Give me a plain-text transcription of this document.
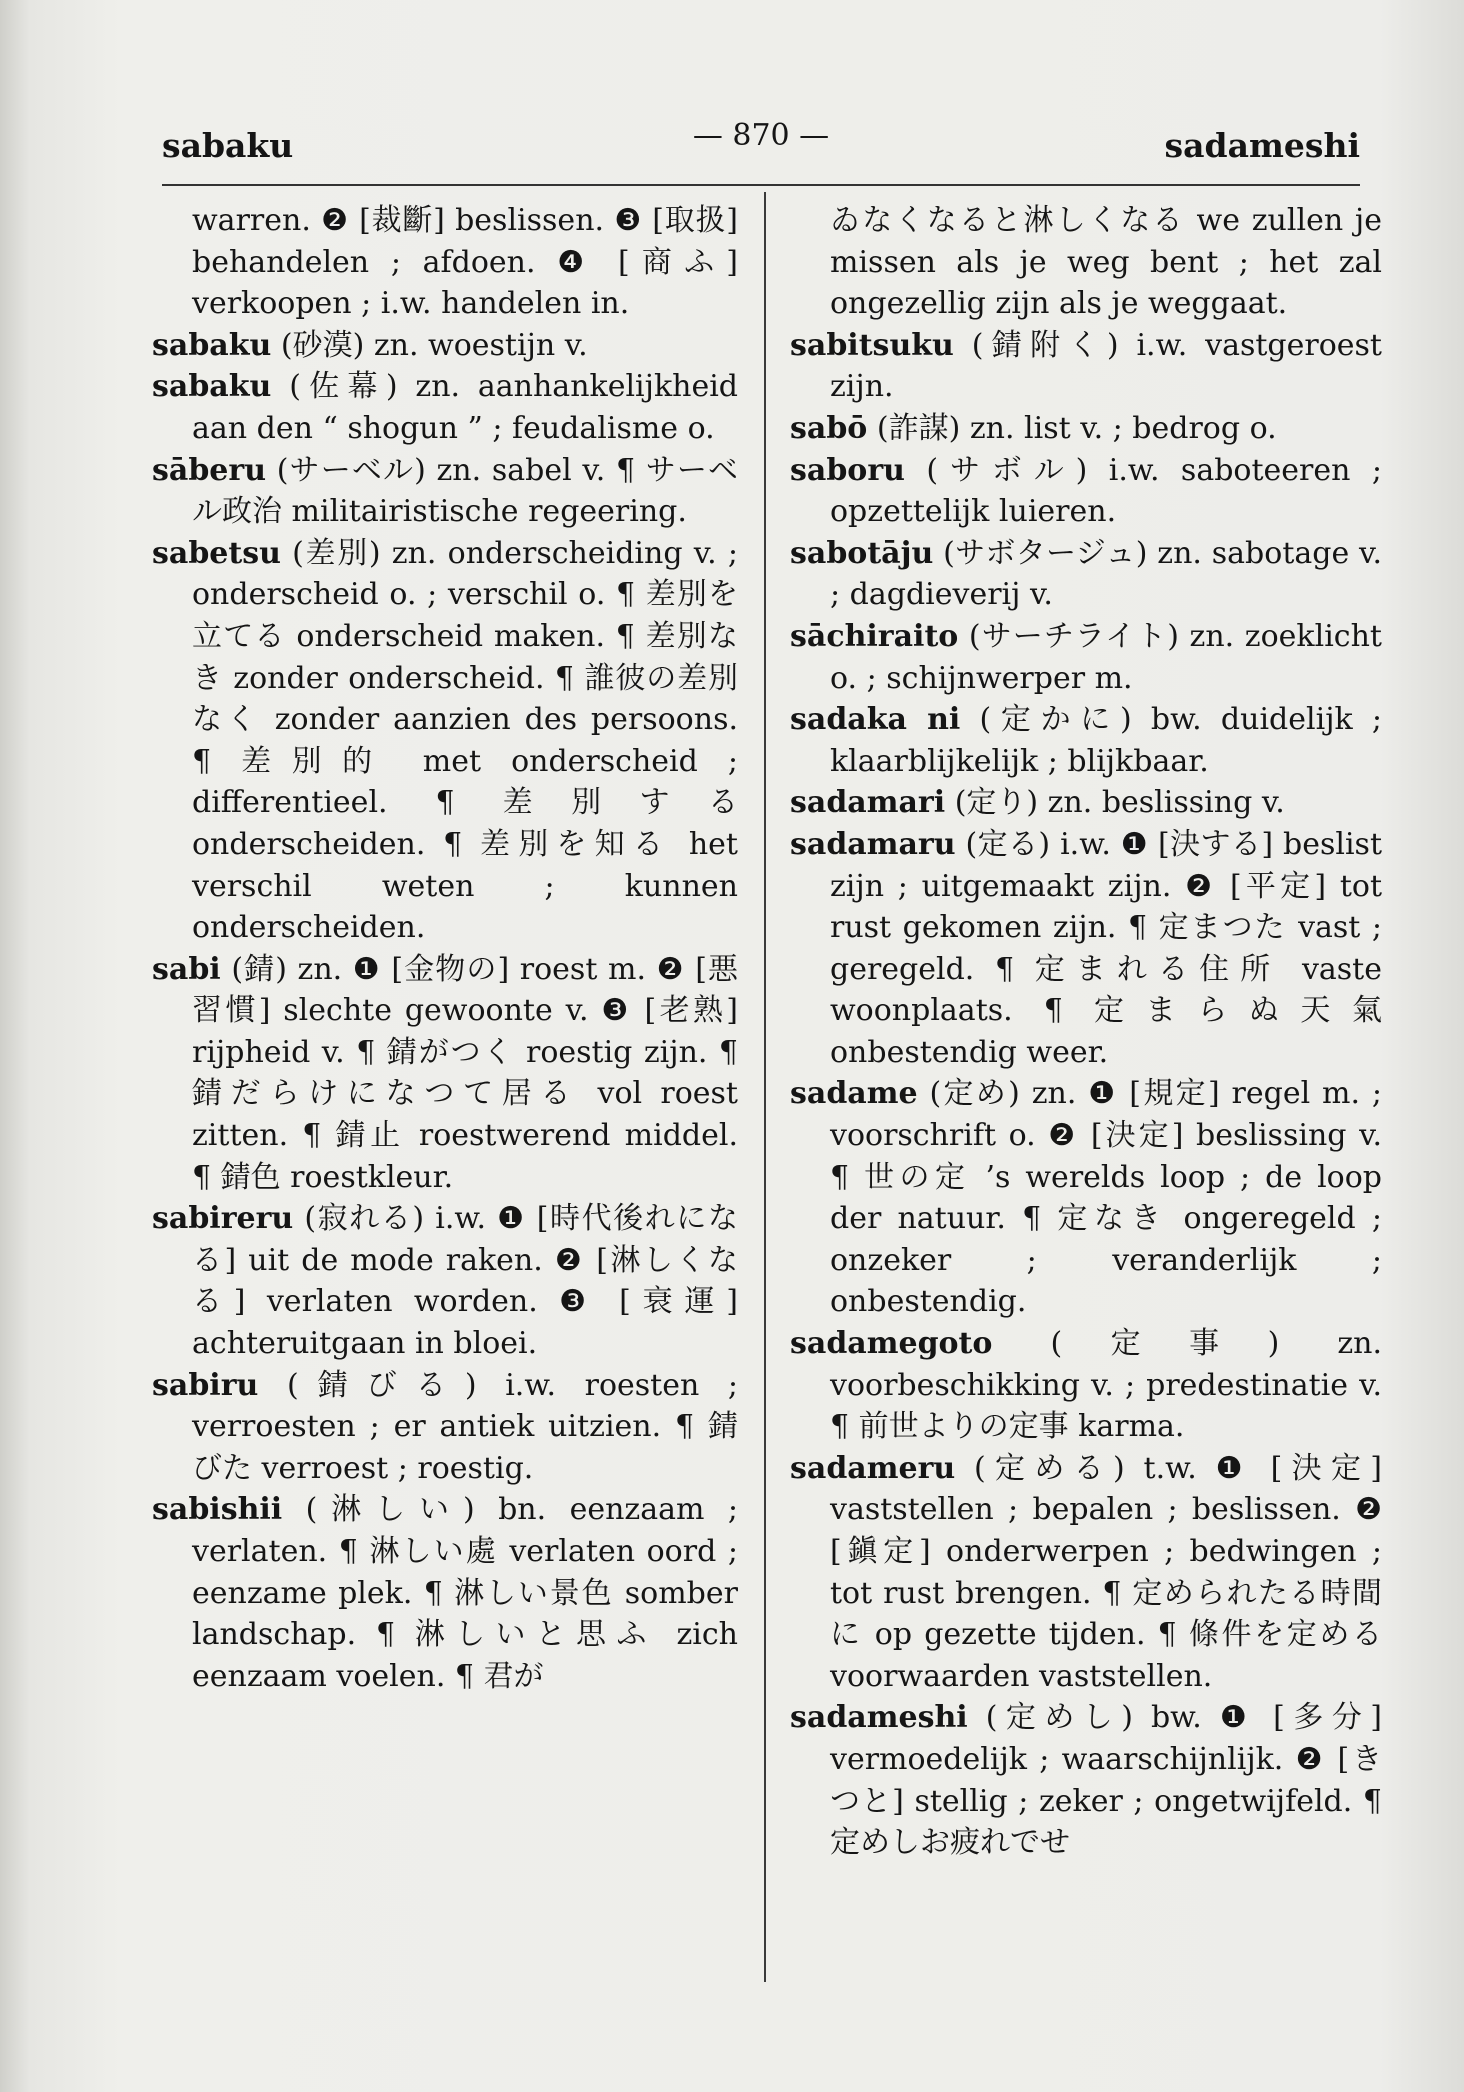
sabaku	— 870 —	sadameshi

warren. ❷ [裁斷] beslissen. ❸ [取扱] behandelen ; afdoen. ❹ [商ふ] verkoopen ; i.w. handelen in.

sabaku (砂漠) zn. woestijn v.

sabaku (佐幕) zn. aanhankelijkheid aan den “ shogun ” ; feudalisme o.

sāberu (サーベル) zn. sabel v. ¶ サーベル政治 militairistische regeering.

sabetsu (差別) zn. onderscheiding v. ; onderscheid o. ; verschil o. ¶ 差別を立てる onderscheid maken. ¶ 差別なき zonder onderscheid. ¶ 誰彼の差別なく zonder aanzien des persoons. ¶ 差別的 met onderscheid ; differentieel. ¶ 差別する onderscheiden. ¶ 差別を知る het verschil weten ; kunnen onderscheiden.

sabi (錆) zn. ❶ [金物の] roest m. ❷ [悪習慣] slechte gewoonte v. ❸ [老熟] rijpheid v. ¶ 錆がつく roestig zijn. ¶ 錆だらけになつて居る vol roest zitten. ¶ 錆止 roestwerend middel. ¶ 錆色 roestkleur.

sabireru (寂れる) i.w. ❶ [時代後れになる] uit de mode raken. ❷ [淋しくなる] verlaten worden. ❸ [衰運] achteruitgaan in bloei.

sabiru (錆びる) i.w. roesten ; verroesten ; er antiek uitzien. ¶ 錆びた verroest ; roestig.

sabishii (淋しい) bn. eenzaam ; verlaten. ¶ 淋しい處 verlaten oord ; eenzame plek. ¶ 淋しい景色 somber landschap. ¶ 淋しいと思ふ zich eenzaam voelen. ¶ 君が

ゐなくなると淋しくなる we zullen je missen als je weg bent ; het zal ongezellig zijn als je weggaat.

sabitsuku (錆附く) i.w. vastgeroest zijn.

sabō (詐謀) zn. list v. ; bedrog o.

saboru (サボル) i.w. saboteeren ; opzettelijk luieren.

sabotāju (サボタージュ) zn. sabotage v. ; dagdieverij v.

sāchiraito (サーチライト) zn. zoeklicht o. ; schijnwerper m.

sadaka ni (定かに) bw. duidelijk ; klaarblijkelijk ; blijkbaar.

sadamari (定り) zn. beslissing v.

sadamaru (定る) i.w. ❶ [決する] beslist zijn ; uitgemaakt zijn. ❷ [平定] tot rust gekomen zijn. ¶ 定まつた vast ; geregeld. ¶ 定まれる住所 vaste woonplaats. ¶ 定まらぬ天氣 onbestendig weer.

sadame (定め) zn. ❶ [規定] regel m. ; voorschrift o. ❷ [決定] beslissing v. ¶ 世の定 ’s werelds loop ; de loop der natuur. ¶ 定なき ongeregeld ; onzeker ; veranderlijk ; onbestendig.

sadamegoto (定事) zn. voorbeschikking v. ; predestinatie v. ¶ 前世よりの定事 karma.

sadameru (定める) t.w. ❶ [決定] vaststellen ; bepalen ; beslissen. ❷ [鎭定] onderwerpen ; bedwingen ; tot rust brengen. ¶ 定められたる時間に op gezette tijden. ¶ 條件を定める voorwaarden vaststellen.

sadameshi (定めし) bw. ❶ [多分] vermoedelijk ; waarschijnlijk. ❷ [きつと] stellig ; zeker ; ongetwijfeld. ¶ 定めしお疲れでせ
